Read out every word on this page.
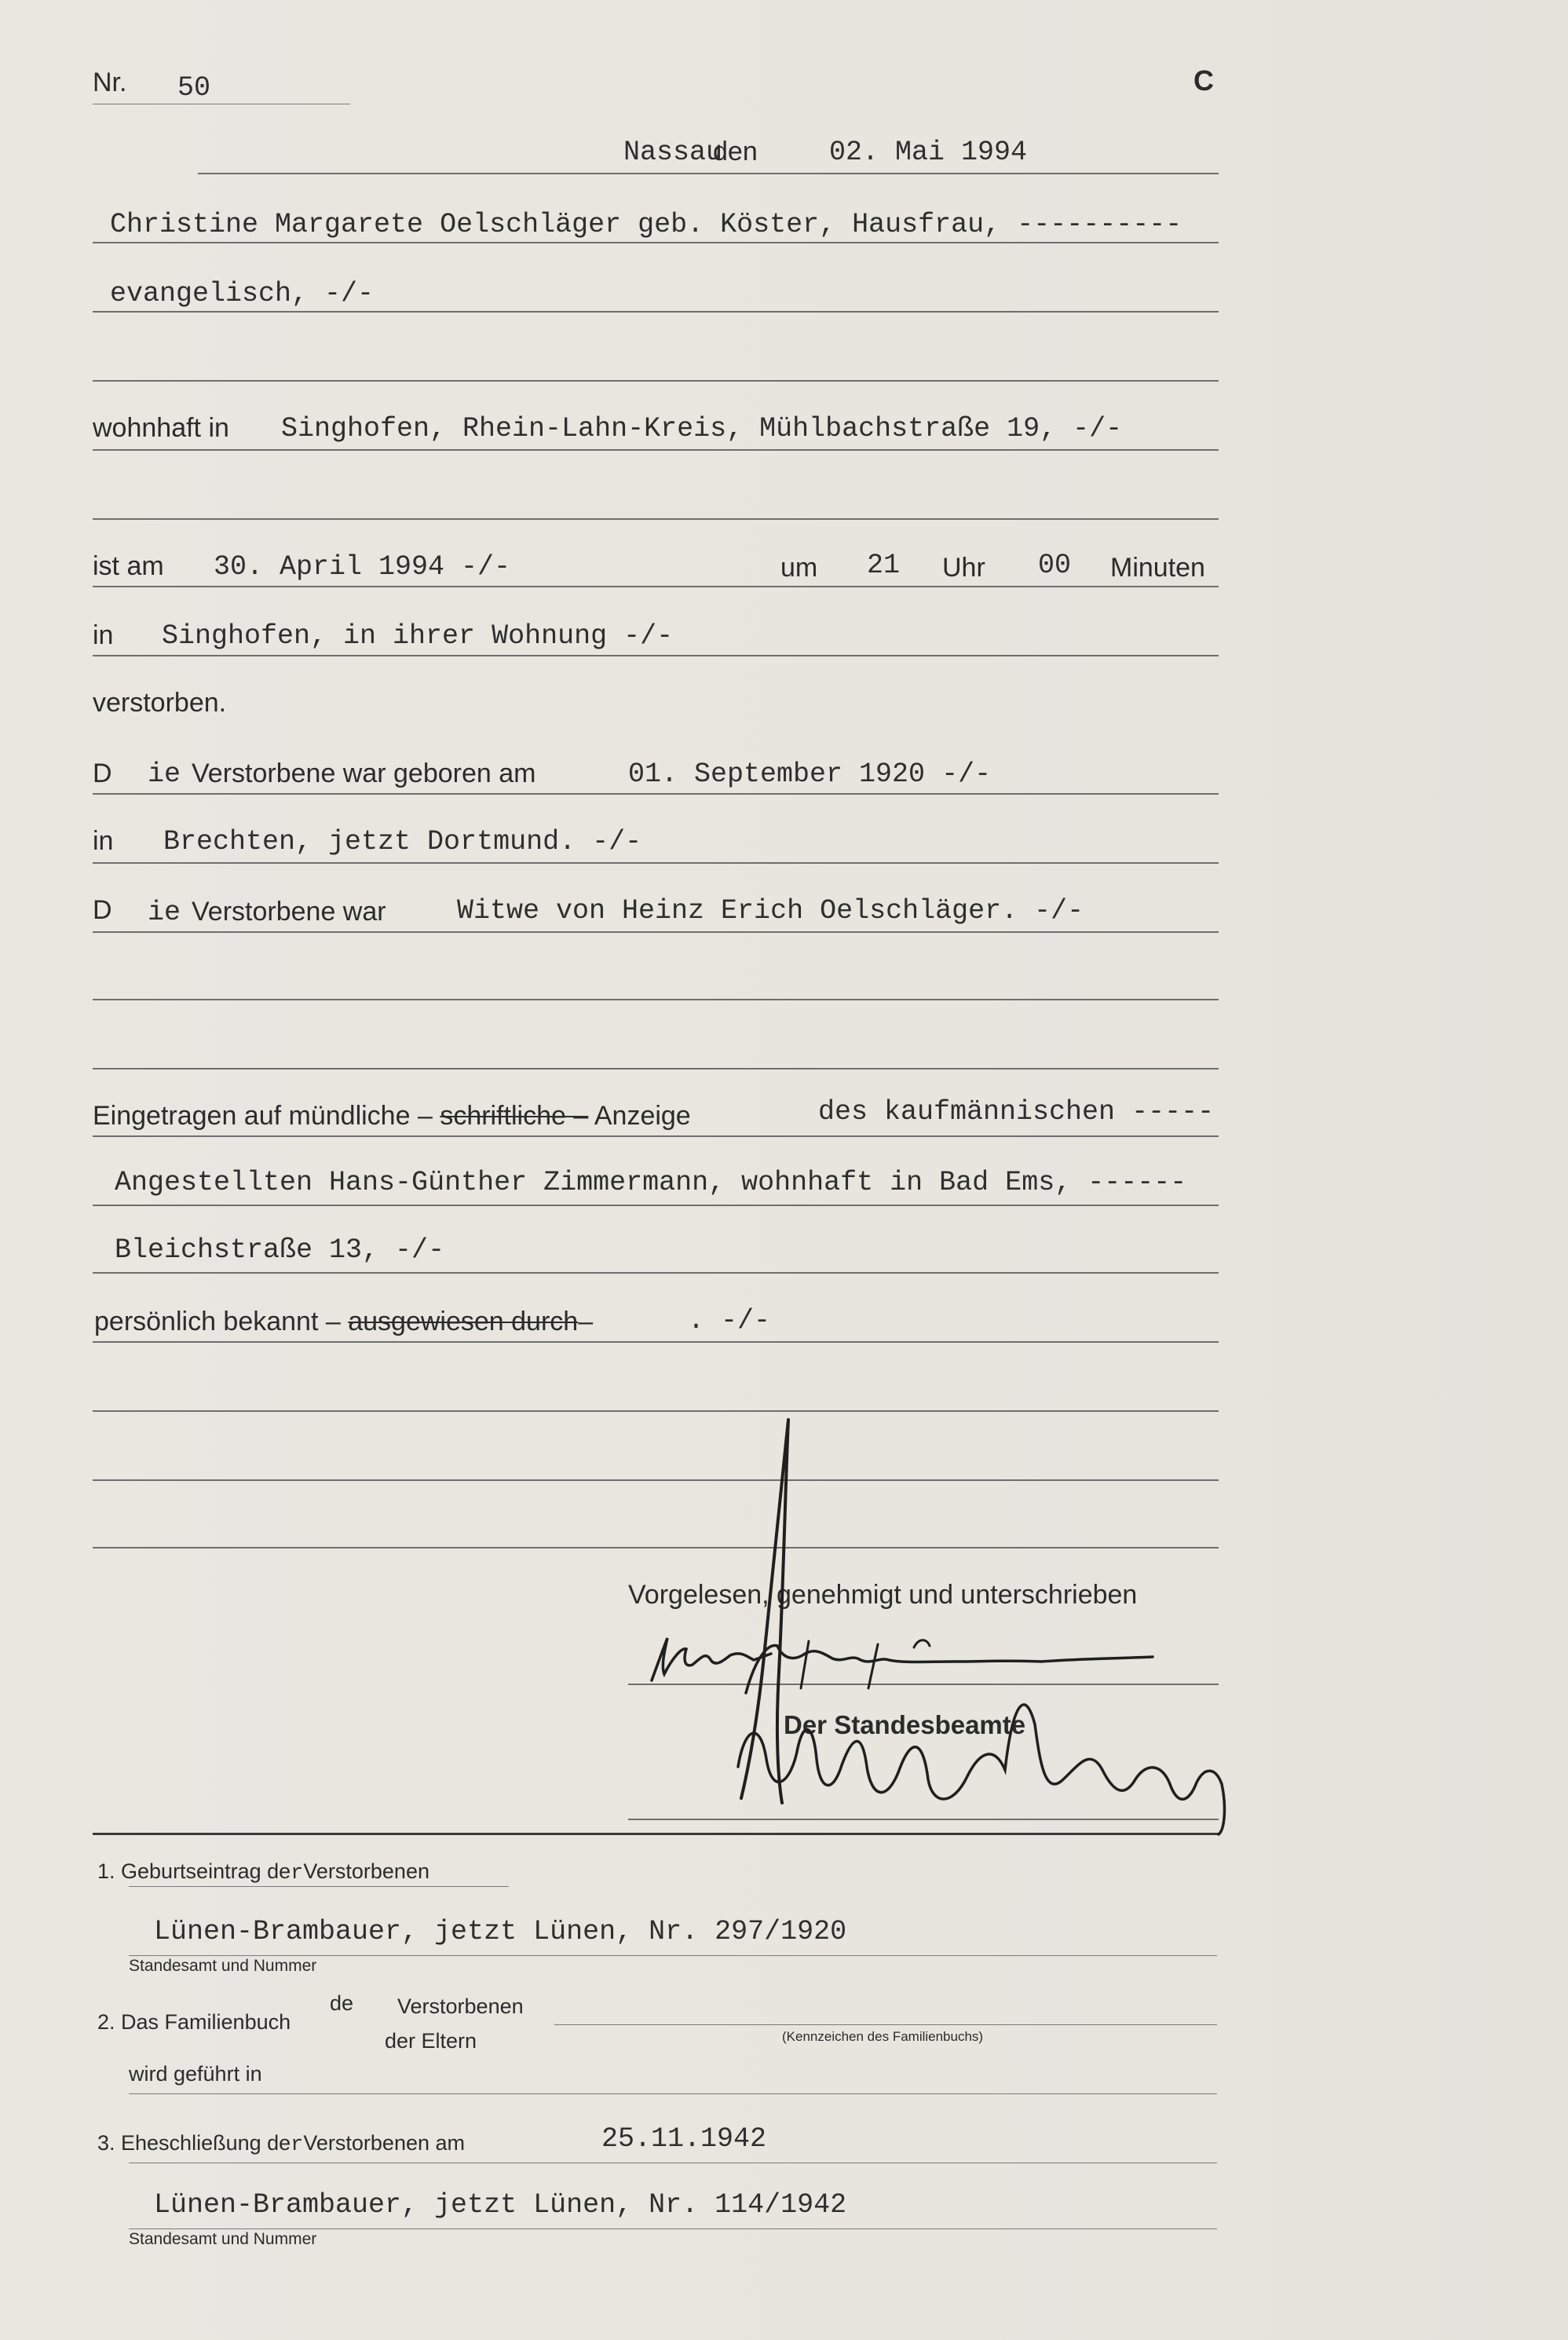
Nr. 50	C
Nassau
den	02. Mai 1994
Christine Margarete Oelschläger geb. Köster, Hausfrau, ----------
evangelisch, -/-
wohnhaft in Singhofen, Rhein-Lahn-Kreis, Mühlbachstraße 19, -/-
ist am 30. April 1994 -/-	um 21 Uhr 00 Minuten
in Singhofen, in ihrer Wohnung -/-
verstorben.
D ie Verstorbene war geboren am	01. September 1920 -/-
in Brechten, jetzt Dortmund. -/-
D ie Verstorbene war	Witwe von Heinz Erich Oelschläger. -/-
Eingetragen auf mündliche – schriftliche – Anzeige	des kaufmännischen -----
Angestellten Hans-Günther Zimmermann, wohnhaft in Bad Ems, ------
Bleichstraße 13, -/-
persönlich bekannt – ausgewiesen durch–	. -/-
Vorgelesen, genehmigt und unterschrieben
Der Standesbeamte
1. Geburtseintrag derVerstorbenen
Lünen-Brambauer, jetzt Lünen, Nr. 297/1920
Standesamt und Nummer
2. Das Familienbuch
de Verstorbenen
der Eltern	(Kennzeichen des Familienbuchs)
wird geführt in
3. Eheschließung derVerstorbenen am	25.11.1942
Lünen-Brambauer, jetzt Lünen, Nr. 114/1942
Standesamt und Nummer
